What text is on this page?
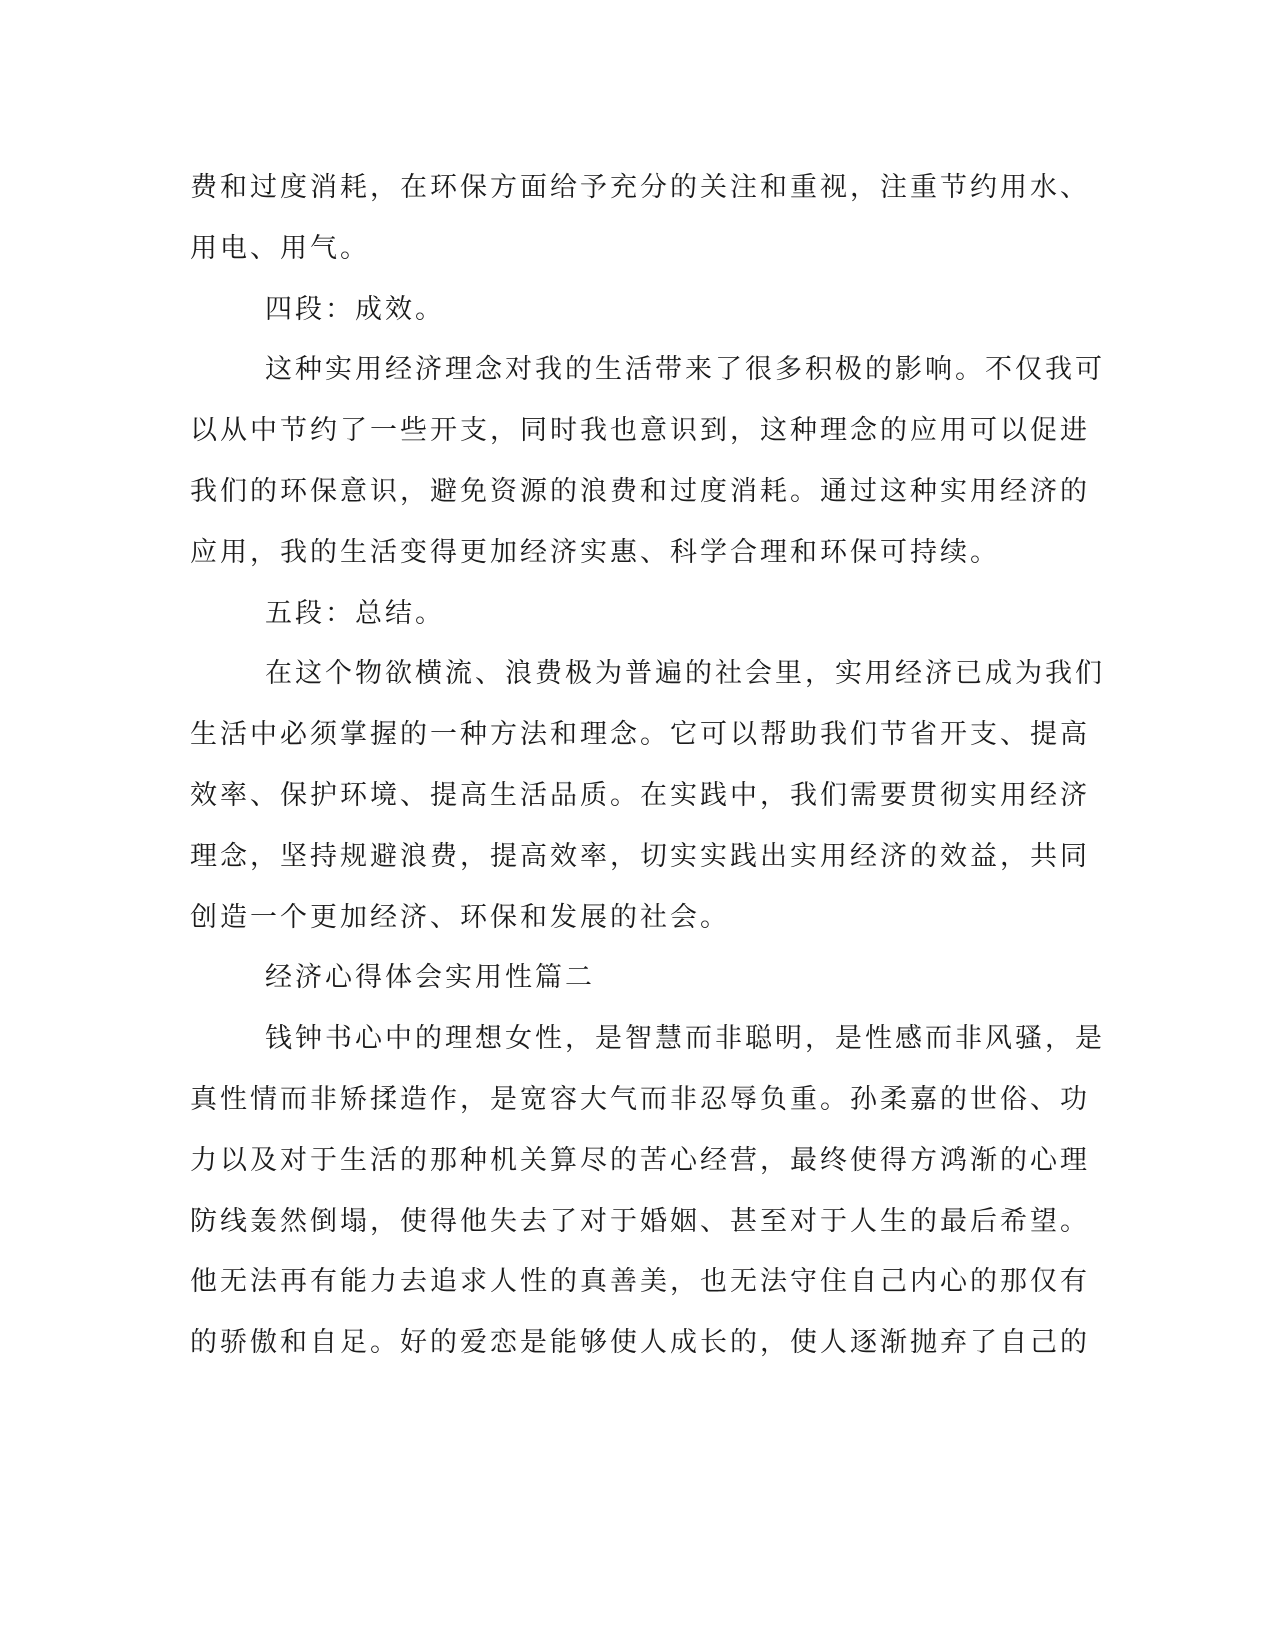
费和过度消耗，在环保方面给予充分的关注和重视，注重节约用水、
用电、用气。
四段：成效。
这种实用经济理念对我的生活带来了很多积极的影响。不仅我可
以从中节约了一些开支，同时我也意识到，这种理念的应用可以促进
我们的环保意识，避免资源的浪费和过度消耗。通过这种实用经济的
应用，我的生活变得更加经济实惠、科学合理和环保可持续。
五段：总结。
在这个物欲横流、浪费极为普遍的社会里，实用经济已成为我们
生活中必须掌握的一种方法和理念。它可以帮助我们节省开支、提高
效率、保护环境、提高生活品质。在实践中，我们需要贯彻实用经济
理念，坚持规避浪费，提高效率，切实实践出实用经济的效益，共同
创造一个更加经济、环保和发展的社会。
经济心得体会实用性篇二
钱钟书心中的理想女性，是智慧而非聪明，是性感而非风骚，是
真性情而非矫揉造作，是宽容大气而非忍辱负重。孙柔嘉的世俗、功
力以及对于生活的那种机关算尽的苦心经营，最终使得方鸿渐的心理
防线轰然倒塌，使得他失去了对于婚姻、甚至对于人生的最后希望。
他无法再有能力去追求人性的真善美，也无法守住自己内心的那仅有
的骄傲和自足。好的爱恋是能够使人成长的，使人逐渐抛弃了自己的
